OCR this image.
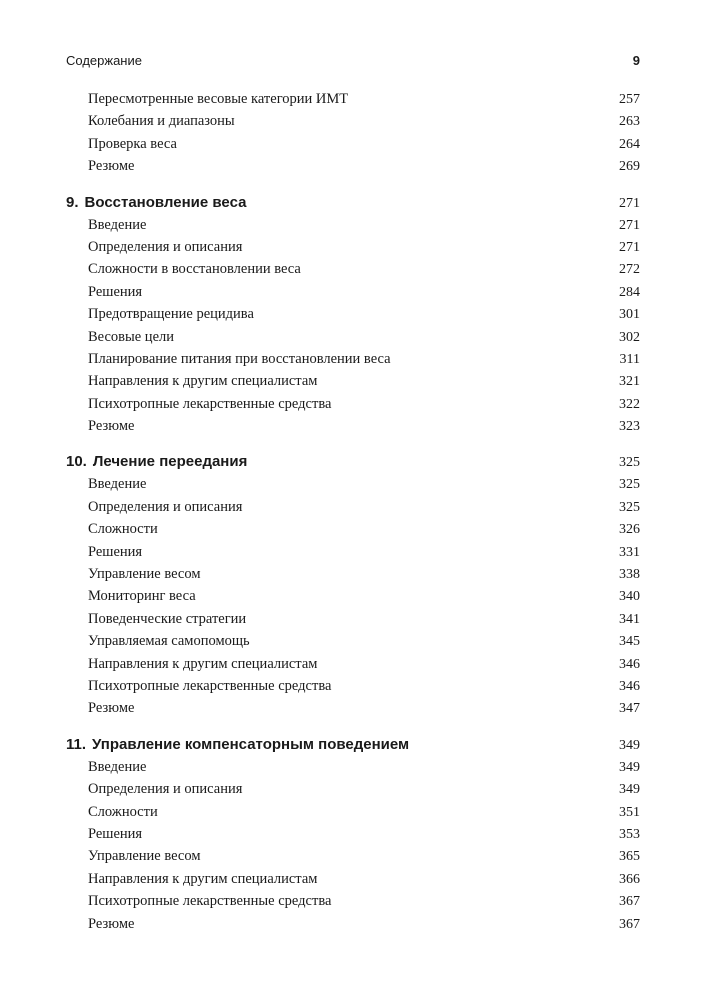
Содержание	9
Пересмотренные весовые категории ИМТ	257
Колебания и диапазоны	263
Проверка веса	264
Резюме	269
9. Восстановление веса	271
Введение	271
Определения и описания	271
Сложности в восстановлении веса	272
Решения	284
Предотвращение рецидива	301
Весовые цели	302
Планирование питания при восстановлении веса	311
Направления к другим специалистам	321
Психотропные лекарственные средства	322
Резюме	323
10. Лечение переедания	325
Введение	325
Определения и описания	325
Сложности	326
Решения	331
Управление весом	338
Мониторинг веса	340
Поведенческие стратегии	341
Управляемая самопомощь	345
Направления к другим специалистам	346
Психотропные лекарственные средства	346
Резюме	347
11. Управление компенсаторным поведением	349
Введение	349
Определения и описания	349
Сложности	351
Решения	353
Управление весом	365
Направления к другим специалистам	366
Психотропные лекарственные средства	367
Резюме	367
